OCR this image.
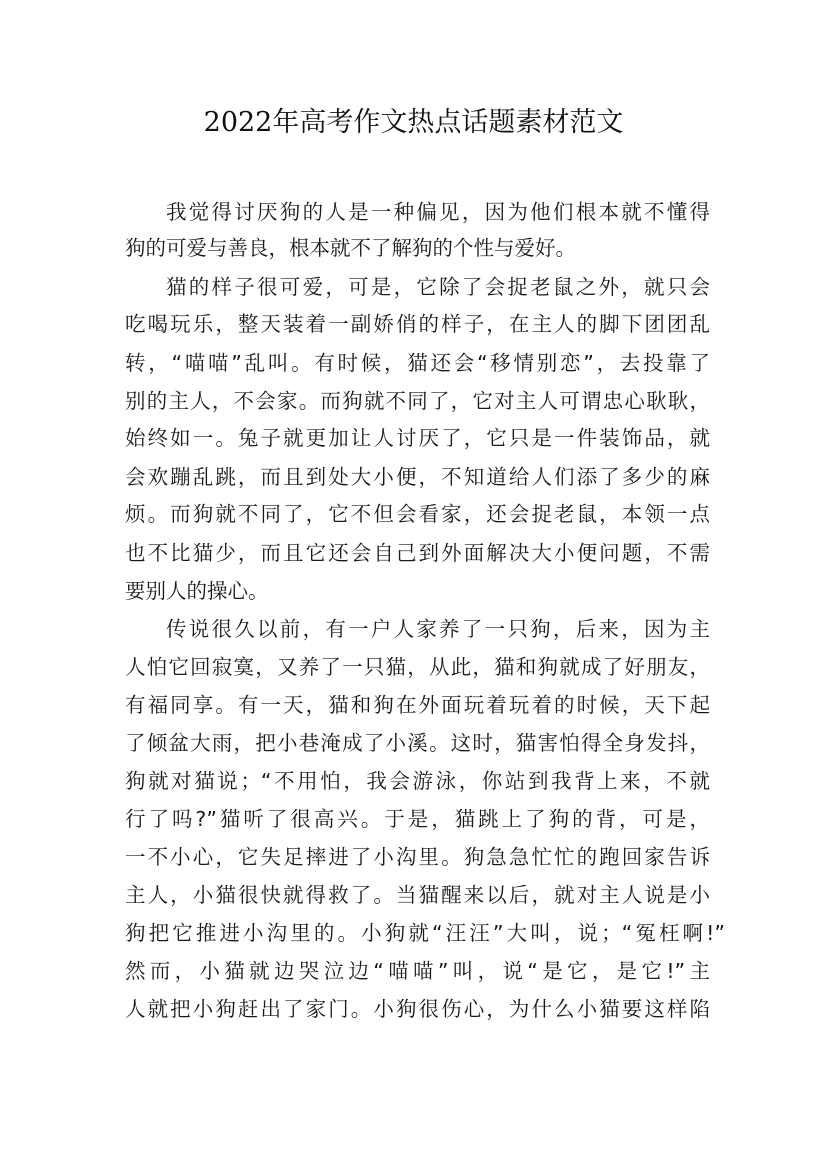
2022年高考作文热点话题素材范文
我觉得讨厌狗的人是一种偏见，因为他们根本就不懂得
狗的可爱与善良，根本就不了解狗的个性与爱好。
猫的样子很可爱，可是，它除了会捉老鼠之外，就只会
吃喝玩乐，整天装着一副娇俏的样子，在主人的脚下团团乱
转，“喵喵”乱叫。有时候，猫还会“移情别恋”，去投靠了
别的主人，不会家。而狗就不同了，它对主人可谓忠心耿耿，
始终如一。兔子就更加让人讨厌了，它只是一件装饰品，就
会欢蹦乱跳，而且到处大小便，不知道给人们添了多少的麻
烦。而狗就不同了，它不但会看家，还会捉老鼠，本领一点
也不比猫少，而且它还会自己到外面解决大小便问题，不需
要别人的操心。
传说很久以前，有一户人家养了一只狗，后来，因为主
人怕它回寂寞，又养了一只猫，从此，猫和狗就成了好朋友，
有福同享。有一天，猫和狗在外面玩着玩着的时候，天下起
了倾盆大雨，把小巷淹成了小溪。这时，猫害怕得全身发抖，
狗就对猫说；“不用怕，我会游泳，你站到我背上来，不就
行了吗?”猫听了很高兴。于是，猫跳上了狗的背，可是，
一不小心，它失足摔进了小沟里。狗急急忙忙的跑回家告诉
主人，小猫很快就得救了。当猫醒来以后，就对主人说是小
狗把它推进小沟里的。小狗就“汪汪”大叫，说；“冤枉啊!”
然而，小猫就边哭泣边“喵喵”叫，说“是它，是它!”主
人就把小狗赶出了家门。小狗很伤心，为什么小猫要这样陷
